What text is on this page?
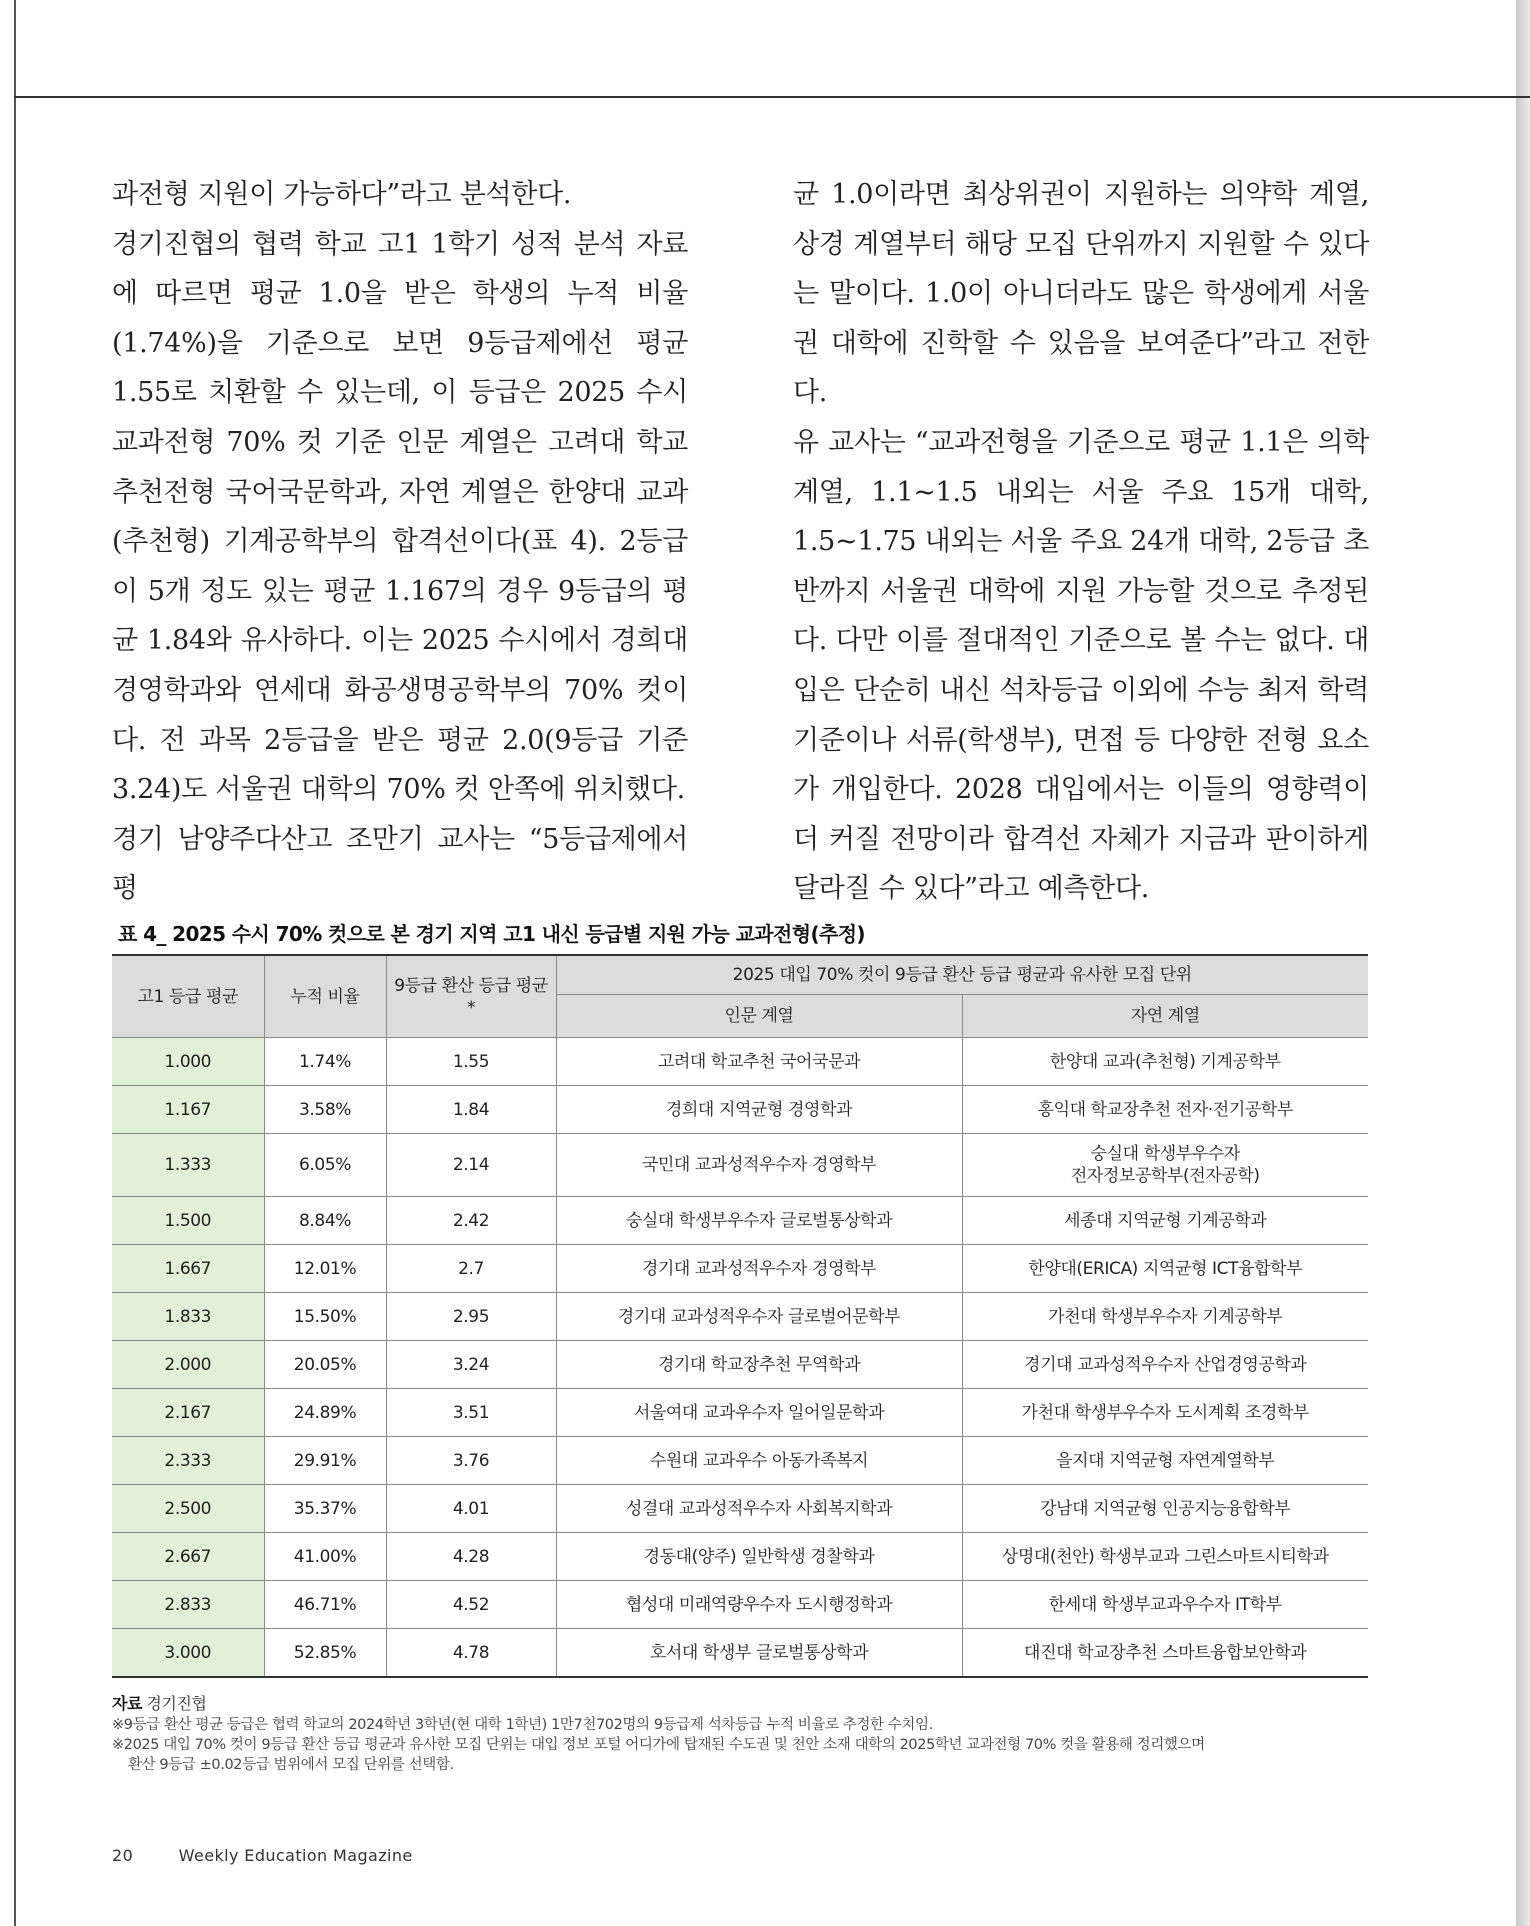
과전형 지원이 가능하다”라고 분석한다.

경기진협의 협력 학교 고1 1학기 성적 분석 자료에 따르면 평균 1.0을 받은 학생의 누적 비율(1.74%)을 기준으로 보면 9등급제에선 평균 1.55로 치환할 수 있는데, 이 등급은 2025 수시 교과전형 70% 컷 기준 인문 계열은 고려대 학교추천전형 국어국문학과, 자연 계열은 한양대 교과(추천형) 기계공학부의 합격선이다(표 4). 2등급이 5개 정도 있는 평균 1.167의 경우 9등급의 평균 1.84와 유사하다. 이는 2025 수시에서 경희대 경영학과와 연세대 화공생명공학부의 70% 컷이다. 전 과목 2등급을 받은 평균 2.0(9등급 기준 3.24)도 서울권 대학의 70% 컷 안쪽에 위치했다.

경기 남양주다산고 조만기 교사는 “5등급제에서 평

균 1.0이라면 최상위권이 지원하는 의약학 계열, 상경 계열부터 해당 모집 단위까지 지원할 수 있다는 말이다. 1.0이 아니더라도 많은 학생에게 서울권 대학에 진학할 수 있음을 보여준다”라고 전한다.

유 교사는 “교과전형을 기준으로 평균 1.1은 의학 계열, 1.1~1.5 내외는 서울 주요 15개 대학, 1.5~1.75 내외는 서울 주요 24개 대학, 2등급 초반까지 서울권 대학에 지원 가능할 것으로 추정된다. 다만 이를 절대적인 기준으로 볼 수는 없다. 대입은 단순히 내신 석차등급 이외에 수능 최저 학력 기준이나 서류(학생부), 면접 등 다양한 전형 요소가 개입한다. 2028 대입에서는 이들의 영향력이 더 커질 전망이라 합격선 자체가 지금과 판이하게 달라질 수 있다”라고 예측한다.

표 4_ 2025 수시 70% 컷으로 본 경기 지역 고1 내신 등급별 지원 가능 교과전형(추정)
고1 등급 평균	누적 비율	9등급 환산 등급 평균*	2025 대입 70% 컷이 9등급 환산 등급 평균과 유사한 모집 단위	
			인문 계열	자연 계열
1.000	1.74%	1.55	고려대 학교추천 국어국문과	한양대 교과(추천형) 기계공학부
1.167	3.58%	1.84	경희대 지역균형 경영학과	홍익대 학교장추천 전자·전기공학부
1.333	6.05%	2.14	국민대 교과성적우수자 경영학부	숭실대 학생부우수자
전자정보공학부(전자공학)

1.500	8.84%	2.42	숭실대 학생부우수자 글로벌통상학과	세종대 지역균형 기계공학과
1.667	12.01%	2.7	경기대 교과성적우수자 경영학부	한양대(ERICA) 지역균형 ICT융합학부
1.833	15.50%	2.95	경기대 교과성적우수자 글로벌어문학부	가천대 학생부우수자 기계공학부
2.000	20.05%	3.24	경기대 학교장추천 무역학과	경기대 교과성적우수자 산업경영공학과
2.167	24.89%	3.51	서울여대 교과우수자 일어일문학과	가천대 학생부우수자 도시계획 조경학부
2.333	29.91%	3.76	수원대 교과우수 아동가족복지	을지대 지역균형 자연계열학부
2.500	35.37%	4.01	성결대 교과성적우수자 사회복지학과	강남대 지역균형 인공지능융합학부
2.667	41.00%	4.28	경동대(양주) 일반학생 경찰학과	상명대(천안) 학생부교과 그린스마트시티학과
2.833	46.71%	4.52	협성대 미래역량우수자 도시행정학과	한세대 학생부교과우수자 IT학부
3.000	52.85%	4.78	호서대 학생부 글로벌통상학과	대진대 학교장추천 스마트융합보안학과
자료 경기진협

※9등급 환산 평균 등급은 협력 학교의 2024학년 3학년(현 대학 1학년) 1만7천702명의 9등급제 석차등급 누적 비율로 추정한 수치임.

※2025 대입 70% 컷이 9등급 환산 등급 평균과 유사한 모집 단위는 대입 정보 포털 어디가에 탑재된 수도권 및 천안 소재 대학의 2025학년 교과전형 70% 컷을 활용해 정리했으며

환산 9등급 ±0.02등급 범위에서 모집 단위를 선택함.

20	Weekly Education Magazine
